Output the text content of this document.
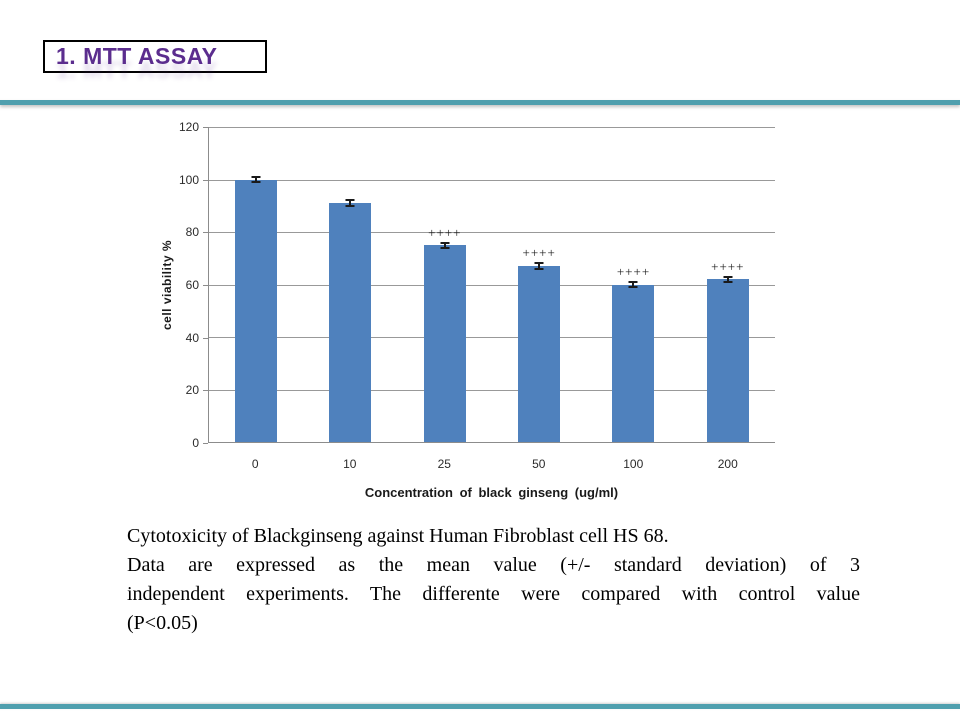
1. MTT ASSAY
cell viability %
0
20
40
60
80
100
120
++++
++++
++++	++++
0	10	25	50	100	200
Concentration of black ginseng (ug/ml)
Cytotoxicity of Blackginseng against Human Fibroblast cell HS 68.
Data are expressed as the mean value (+/- standard deviation) of 3
independent experiments. The differente were compared with control value
(P<0.05)
